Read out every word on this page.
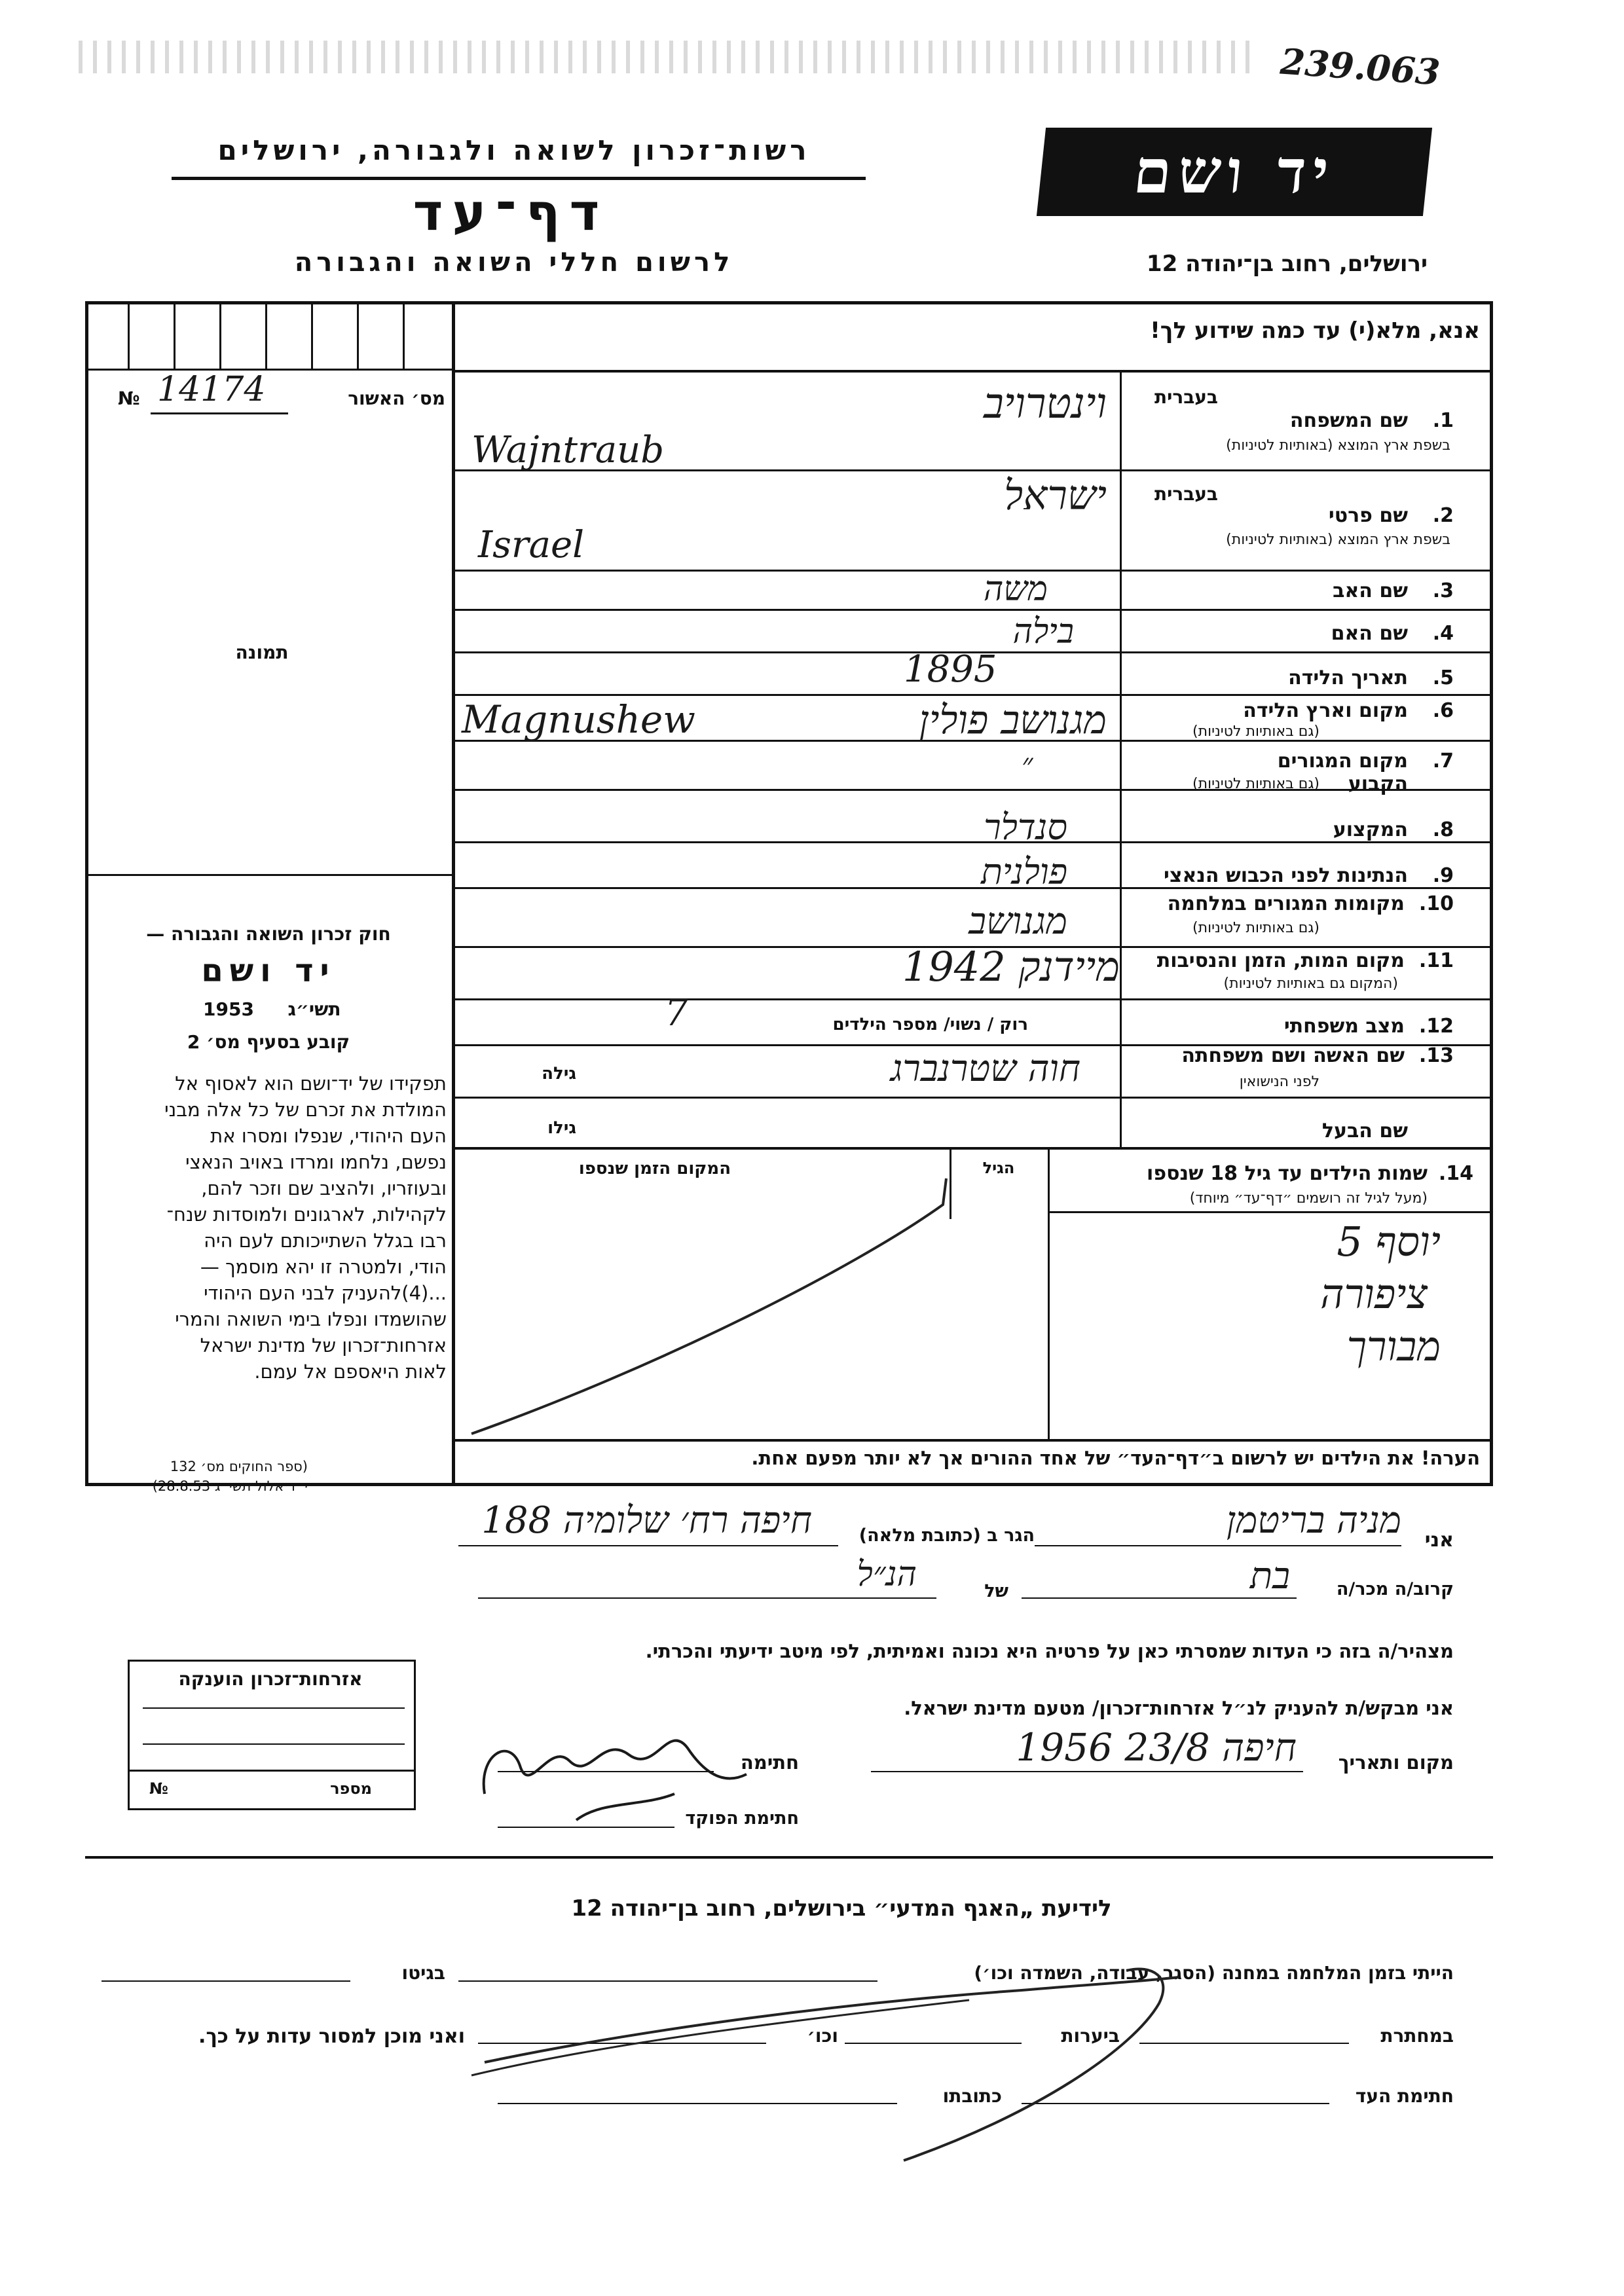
239.063
רשות־זכרון לשואה ולגבורה, ירושלים
דף־עד
לרשום חללי השואה והגבורה
יד ושם
ירושלים, רחוב בן־יהודה 12
אנא, מלא(י) עד כמה שידוע לך!
מס׳ האשור
№ 14174
תמונה
בעברית
1.
שם המשפחה
בשפת ארץ המוצא (באותיות לטיניות)
וינטרויב
Wajntraub
בעברית
2.
שם פרטי
בשפת ארץ המוצא (באותיות לטיניות)
ישראל
Israel
3.
שם האב
משה
4.
שם האם
בילה
5.
תאריך הלידה
1895
6.
מקום וארץ הלידה
(גם באותיות לטיניות)
מגנושב פולין
Magnushew
7.
מקום המגורים הקבוע
(גם באותיות לטיניות)
״
8.
המקצוע
סנדלר
9.
הנתינות לפני הכבוש הנאצי
פולנית
10.
מקומות המגורים במלחמה
(גם באותיות לטיניות)
מגנושב
11.
מקום המות, הזמן והנסיבות
(המקום גם באותיות לטיניות)
מיידנק 1942
12.
מצב משפחתי
רוק / נשוי/ מספר הילדים
7
13.
שם האשה ושם משפחתה
לפני הנישואין
חוה שטרנברג
גילה
שם הבעל
גילו
חוק זכרון השואה והגבורה —
יד ושם
תשי״ג
1953
קובע בסעיף מס׳ 2
תפקידו של יד־ושם הוא לאסוף אל
המולדת את זכרם של כל אלה מבני
העם היהודי, שנפלו ומסרו את
נפשם, נלחמו ומרדו באויב הנאצי
ובעוזריו, ולהציב שם וזכר להם,
לקהילות, לארגונים ולמוסדות שנח־
רבו בגלל השתייכותם לעם היה
הודי, ולמטרה זו יהא מוסמך —
...(4)להעניק לבני העם היהודי
שהושמדו ונפלו בימי השואה והמרי
אזרחות־זכרון של מדינת ישראל
לאות היאספם אל עמם.
(ספר החוקים מס׳ 132
י״ד אלול תשי״ג 28.8.53)
14.
שמות הילדים עד גיל 18 שנספו
(מעל לגיל זה רושמים ״דף־עד״ מיוחד)
הגיל
המקום הזמן שנספו
יוסף 5
ציפורה
מבורך
הערה! את הילדים יש לרשום ב״דף־העד״ של אחד ההורים אך לא יותר מפעם אחת.
אני
מניה בריטמן
הגר ב (כתובת מלאה)
חיפה רח׳ שלומיה 188
קרוב/ה מכר/ה
בת
של
הנ״ל
מצהיר/ה בזה כי העדות שמסרתי כאן על פרטיה היא נכונה ואמיתית, לפי מיטב ידיעתי והכרתי.
אני מבקש/ת להעניק לנ״ל אזרחות־זכרון/ מטעם מדינת ישראל.
מקום ותאריך
חיפה 23/8 1956
חתימה
חתימת הפוקד
אזרחות־זכרון הוענקה
מספר
№
לידיעת „האגף המדעי״ בירושלים, רחוב בן־יהודה 12
הייתי בזמן המלחמה במחנה (הסגר, עבודה, השמדה וכו׳)
בגיטו
במחתרת
ביערות
וכו׳
ואני מוכן למסור עדות על כך.
חתימת העד
כתובתו
